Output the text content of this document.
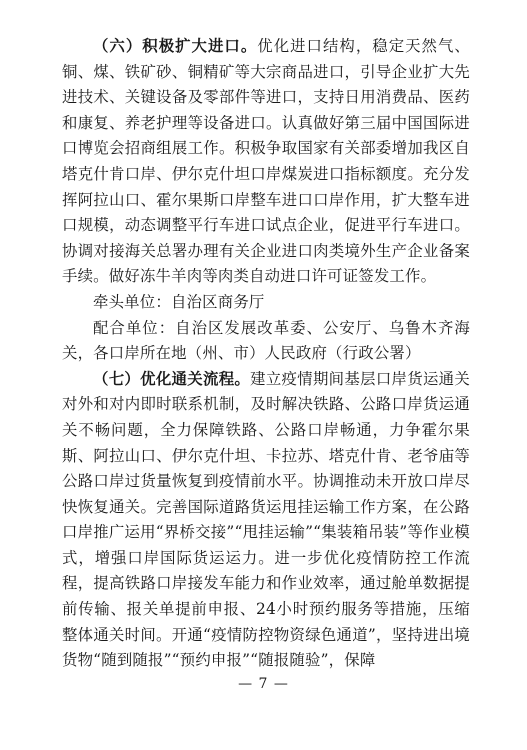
（六）积极扩大进口。优化进口结构，稳定天然气、铜、煤、铁矿砂、铜精矿等大宗商品进口，引导企业扩大先进技术、关键设备及零部件等进口，支持日用消费品、医药和康复、养老护理等设备进口。认真做好第三届中国国际进口博览会招商组展工作。积极争取国家有关部委增加我区自塔克什肯口岸、伊尔克什坦口岸煤炭进口指标额度。充分发挥阿拉山口、霍尔果斯口岸整车进口口岸作用，扩大整车进口规模，动态调整平行车进口试点企业，促进平行车进口。协调对接海关总署办理有关企业进口肉类境外生产企业备案手续。做好冻牛羊肉等肉类自动进口许可证签发工作。

牵头单位：自治区商务厅

配合单位：自治区发展改革委、公安厅、乌鲁木齐海关，各口岸所在地（州、市）人民政府（行政公署）

（七）优化通关流程。建立疫情期间基层口岸货运通关对外和对内即时联系机制，及时解决铁路、公路口岸货运通关不畅问题，全力保障铁路、公路口岸畅通，力争霍尔果斯、阿拉山口、伊尔克什坦、卡拉苏、塔克什肯、老爷庙等公路口岸过货量恢复到疫情前水平。协调推动未开放口岸尽快恢复通关。完善国际道路货运甩挂运输工作方案，在公路口岸推广运用“界桥交接”“甩挂运输”“集装箱吊装”等作业模式，增强口岸国际货运运力。进一步优化疫情防控工作流程，提高铁路口岸接发车能力和作业效率，通过舱单数据提前传输、报关单提前申报、24小时预约服务等措施，压缩整体通关时间。开通“疫情防控物资绿色通道”，坚持进出境货物“随到随报”“预约申报”“随报随验”，保障

— 7 —
